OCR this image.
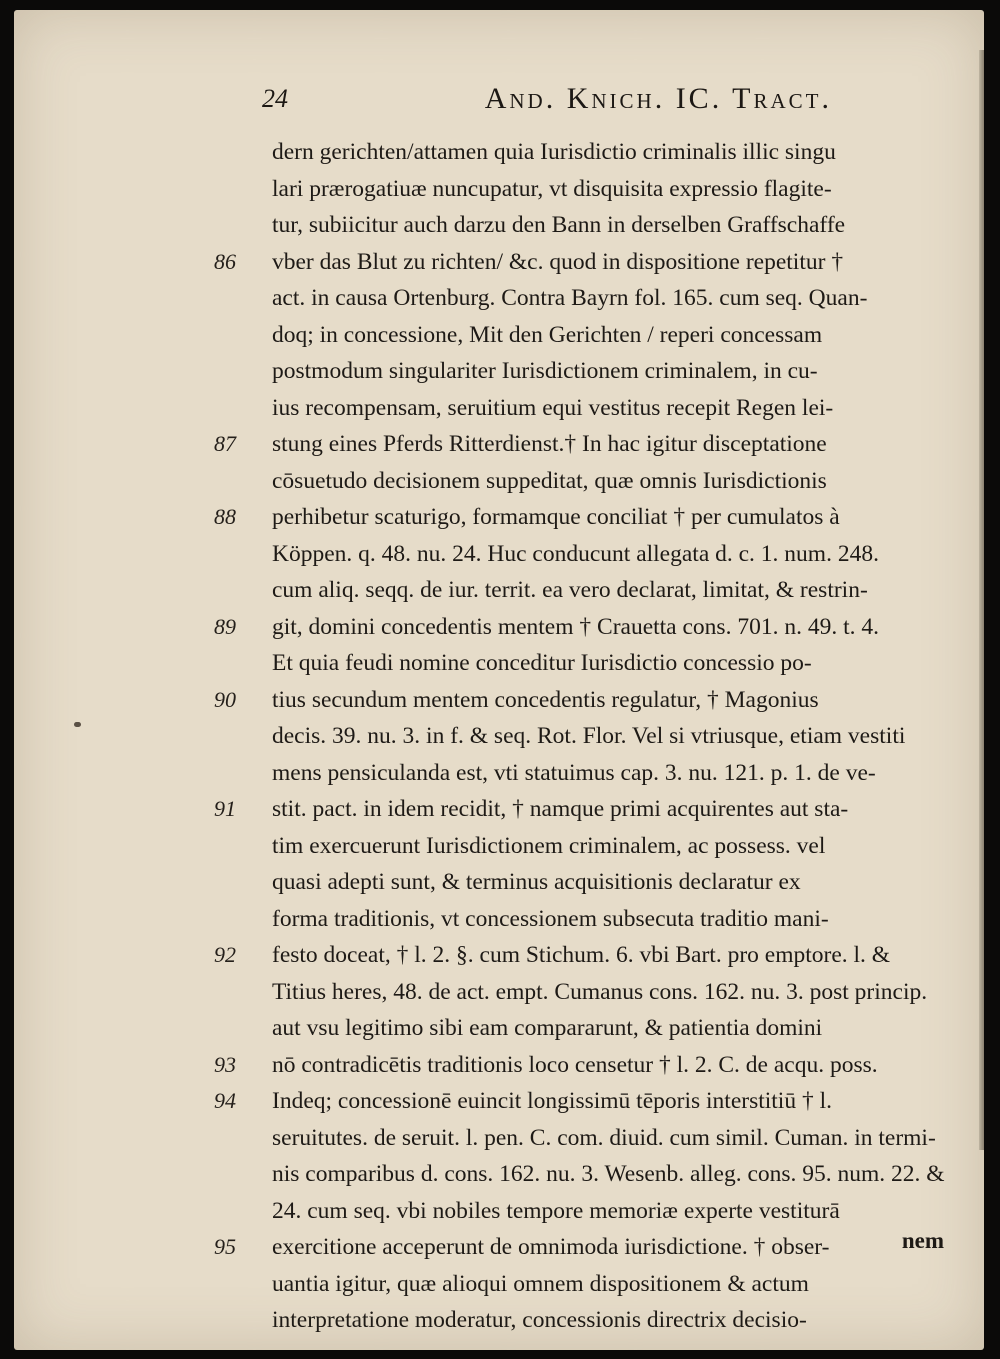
24	And. Knich. IC. Tract.
dern gerichten/attamen quia Iurisdictio criminalis illic singu
lari prærogatiuæ nuncupatur, vt disquisita expressio flagite-
tur, subiicitur auch darzu den Bann in derselben Graffschaffe
vber das Blut zu richten/ &c. quod in dispositione repetitur †
act. in causa Ortenburg. Contra Bayrn fol. 165. cum seq. Quan-
doq; in concessione, Mit den Gerichten / reperi concessam
postmodum singulariter Iurisdictionem criminalem, in cu-
ius recompensam, seruitium equi vestitus recepit Regen lei-
stung eines Pferds Ritterdienst.† In hac igitur disceptatione
cōsuetudo decisionem suppeditat, quæ omnis Iurisdictionis
perhibetur scaturigo, formamque conciliat † per cumulatos à
Köppen. q. 48. nu. 24. Huc conducunt allegata d. c. 1. num. 248.
cum aliq. seqq. de iur. territ. ea vero declarat, limitat, & restrin-
git, domini concedentis mentem † Crauetta cons. 701. n. 49. t. 4.
Et quia feudi nomine conceditur Iurisdictio concessio po-
tius secundum mentem concedentis regulatur, † Magonius
decis. 39. nu. 3. in f. & seq. Rot. Flor. Vel si vtriusque, etiam vestiti
mens pensiculanda est, vti statuimus cap. 3. nu. 121. p. 1. de ve-
stit. pact. in idem recidit, † namque primi acquirentes aut sta-
tim exercuerunt Iurisdictionem criminalem, ac possess. vel
quasi adepti sunt, & terminus acquisitionis declaratur ex
forma traditionis, vt concessionem subsecuta traditio mani-
festo doceat, † l. 2. §. cum Stichum. 6. vbi Bart. pro emptore. l. &
Titius heres, 48. de act. empt. Cumanus cons. 162. nu. 3. post princip.
aut vsu legitimo sibi eam compararunt, & patientia domini
nō contradicētis traditionis loco censetur † l. 2. C. de acqu. poss.
Indeq; concessionē euincit longissimū tēporis interstitiū † l.
seruitutes. de seruit. l. pen. C. com. diuid. cum simil. Cuman. in termi-
nis comparibus d. cons. 162. nu. 3. Wesenb. alleg. cons. 95. num. 22. &
24. cum seq. vbi nobiles tempore memoriæ experte vestiturā
exercitione acceperunt de omnimoda iurisdictione. † obser-
uantia igitur, quæ alioqui omnem dispositionem & actum
interpretatione moderatur, concessionis directrix decisio-
86
87
88
89
90
91
92
93
94
95	nem
